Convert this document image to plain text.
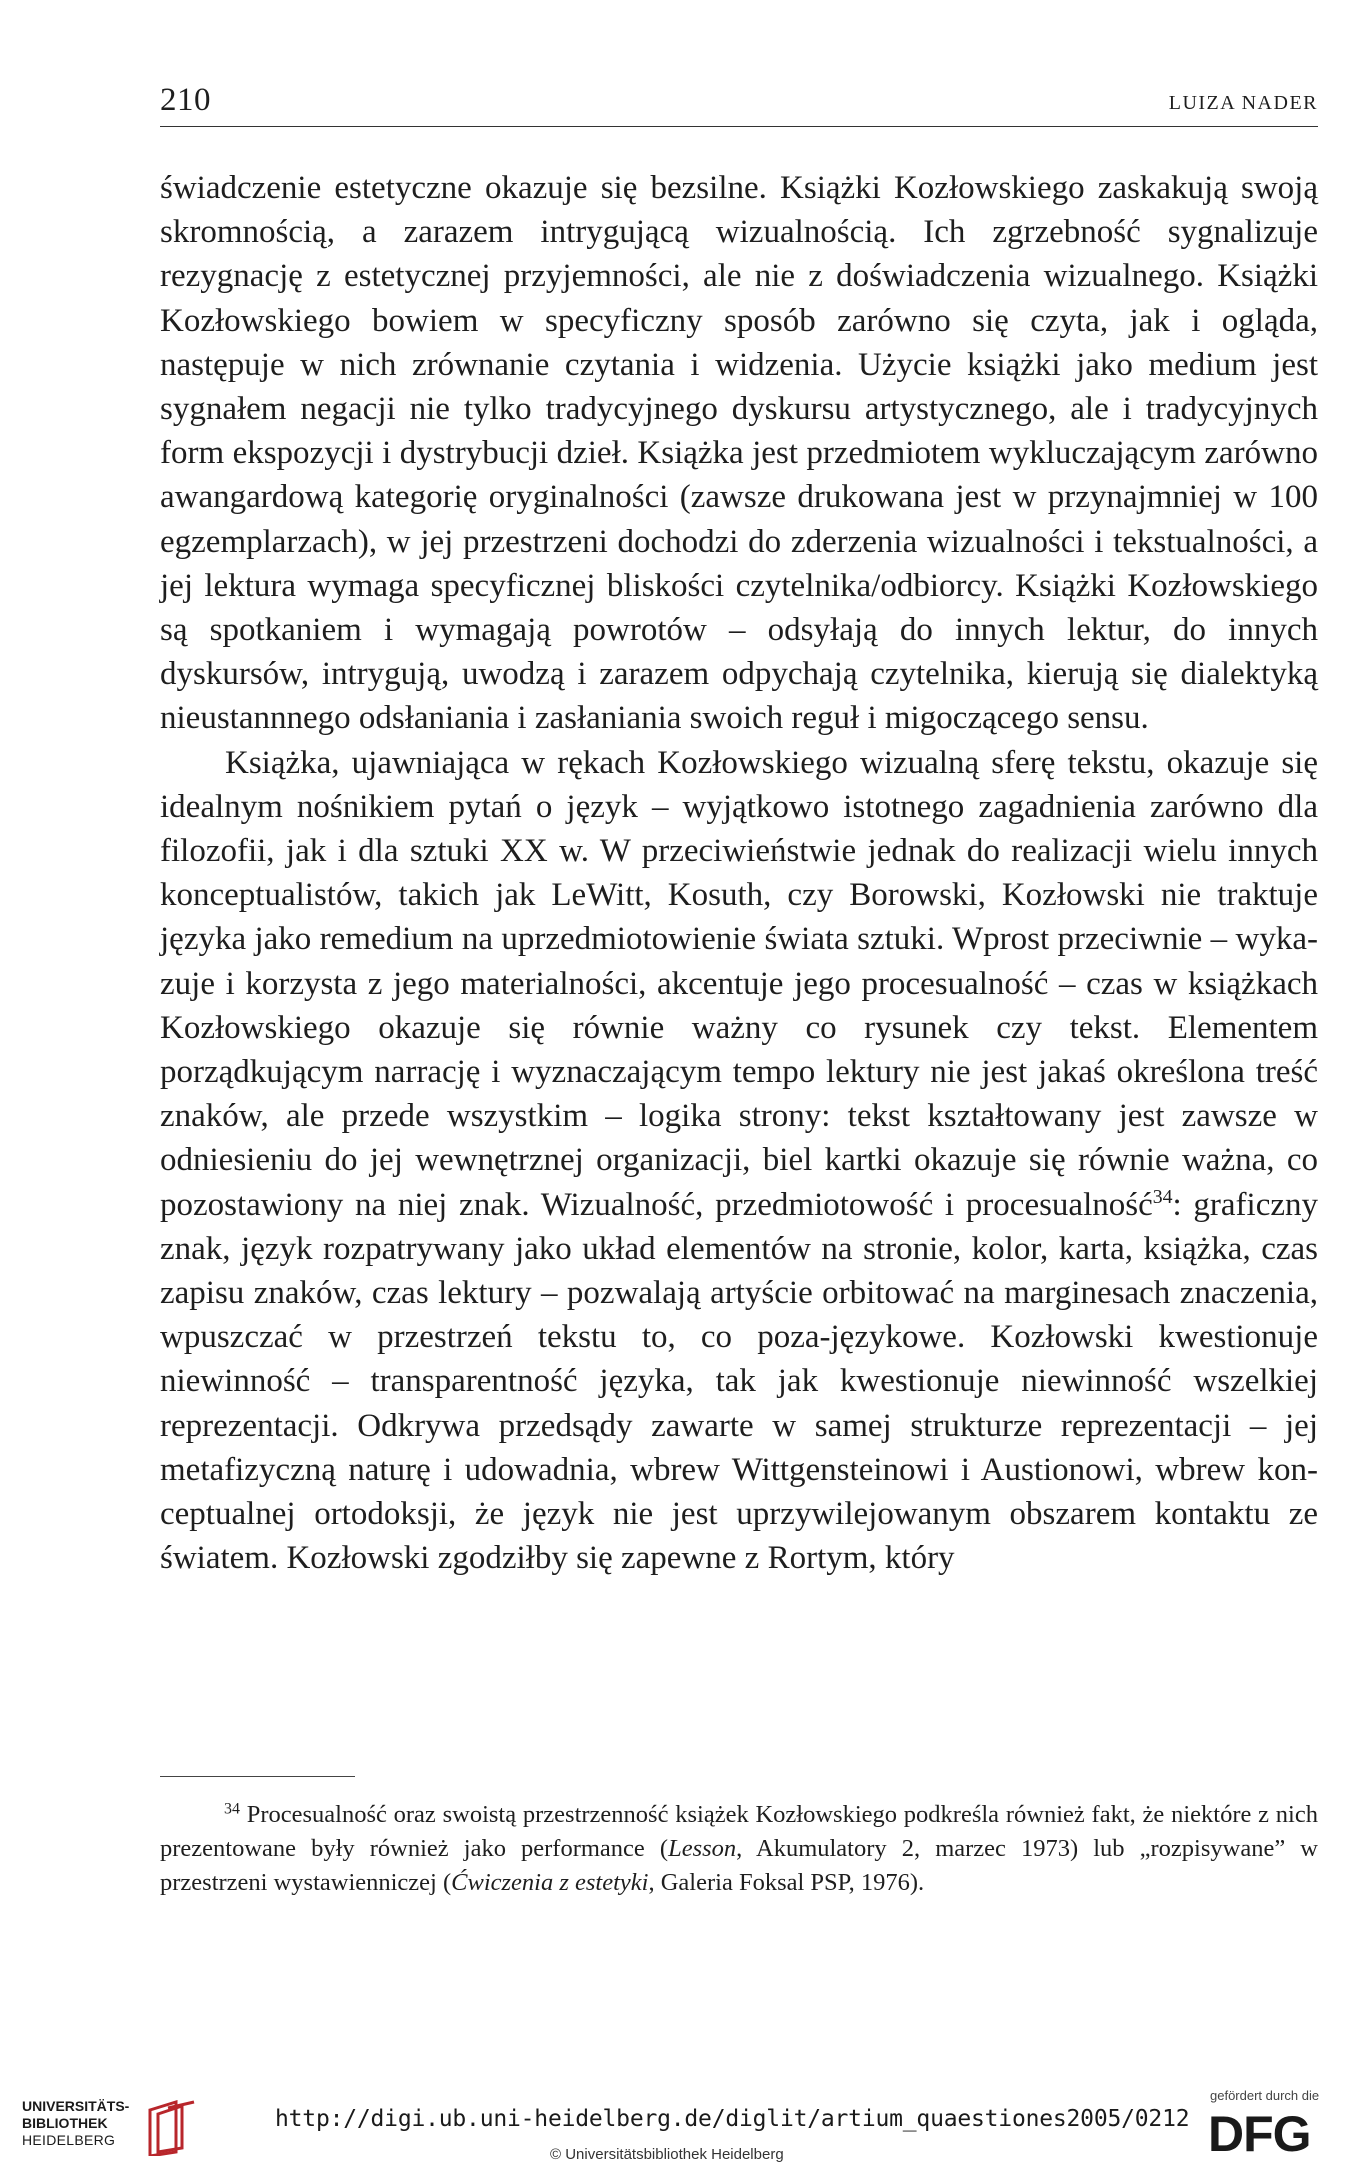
210	LUIZA NADER

świadczenie estetyczne okazuje się bezsilne. Książki Kozłowskiego zaskakują swoją skromnością, a zarazem intrygującą wizualnością. Ich zgrzebność sygnalizuje rezygnację z estetycznej przyjemności, ale nie z doświadczenia wizualnego. Książki Kozłowskiego bowiem w specyficzny sposób zarówno się czyta, jak i ogląda, następuje w nich zrównanie czytania i widzenia. Użycie książki jako medium jest sygnałem negacji nie tylko tradycyjnego dyskursu artystycznego, ale i tradycyjnych form ekspozycji i dystrybucji dzieł. Książka jest przedmiotem wykluczającym zarówno awangardową kategorię oryginalności (zawsze drukowana jest w przynajmniej w 100 egzemplarzach), w jej przestrzeni dochodzi do zderzenia wizualności i tekstualności, a jej lektura wymaga specyficznej bliskości czytelnika/odbiorcy. Książki Kozłowskiego są spotkaniem i wymagają powrotów – odsyłają do innych lektur, do innych dyskursów, intrygują, uwodzą i zarazem odpychają czytelnika, kierują się dialektyką nieustannnego odsłaniania i zasłaniania swoich reguł i migoczącego sensu.

Książka, ujawniająca w rękach Kozłowskiego wizualną sferę tekstu, okazuje się idealnym nośnikiem pytań o język – wyjątkowo istotnego zagadnienia zarówno dla filozofii, jak i dla sztuki XX w. W przeciwieństwie jednak do realizacji wielu innych konceptualistów, takich jak LeWitt, Kosuth, czy Borowski, Kozłowski nie traktuje języka jako remedium na uprzedmiotowienie świata sztuki. Wprost przeciwnie – wykazuje i korzysta z jego materialności, akcentuje jego procesualność – czas w książkach Kozłowskiego okazuje się równie ważny co rysunek czy tekst. Elementem porządkującym narrację i wyznaczającym tempo lektury nie jest jakaś określona treść znaków, ale przede wszystkim – logika strony: tekst kształtowany jest zawsze w odniesieniu do jej wewnętrznej organizacji, biel kartki okazuje się równie ważna, co pozostawiony na niej znak. Wizualność, przedmiotowość i procesualność$^{34}$: graficzny znak, język rozpatrywany jako układ elementów na stronie, kolor, karta, książka, czas zapisu znaków, czas lektury – pozwalają artyście orbitować na marginesach znaczenia, wpuszczać w przestrzeń tekstu to, co poza-językowe. Kozłowski kwestionuje niewinność – transparentność języka, tak jak kwestionuje niewinność wszelkiej reprezentacji. Odkrywa przedsądy zawarte w samej strukturze reprezentacji – jej metafizyczną naturę i udowadnia, wbrew Wittgensteinowi i Austionowi, wbrew konceptualnej ortodoksji, że język nie jest uprzywilejowanym obszarem kontaktu ze światem. Kozłowski zgodziłby się zapewne z Rortym, który

$^{34}$ Procesualność oraz swoistą przestrzenność książek Kozłowskiego podkreśla również fakt, że niektóre z nich prezentowane były również jako performance (Lesson, Akumulatory 2, marzec 1973) lub „rozpisywane” w przestrzeni wystawienniczej (Ćwiczenia z estetyki, Galeria Foksal PSP, 1976).

UNIVERSITÄTS-
BIBLIOTHEK
HEIDELBERG
http://digi.ub.uni-heidelberg.de/diglit/artium_quaestiones2005/0212
© Universitätsbibliothek Heidelberg
gefördert durch die
DFG
